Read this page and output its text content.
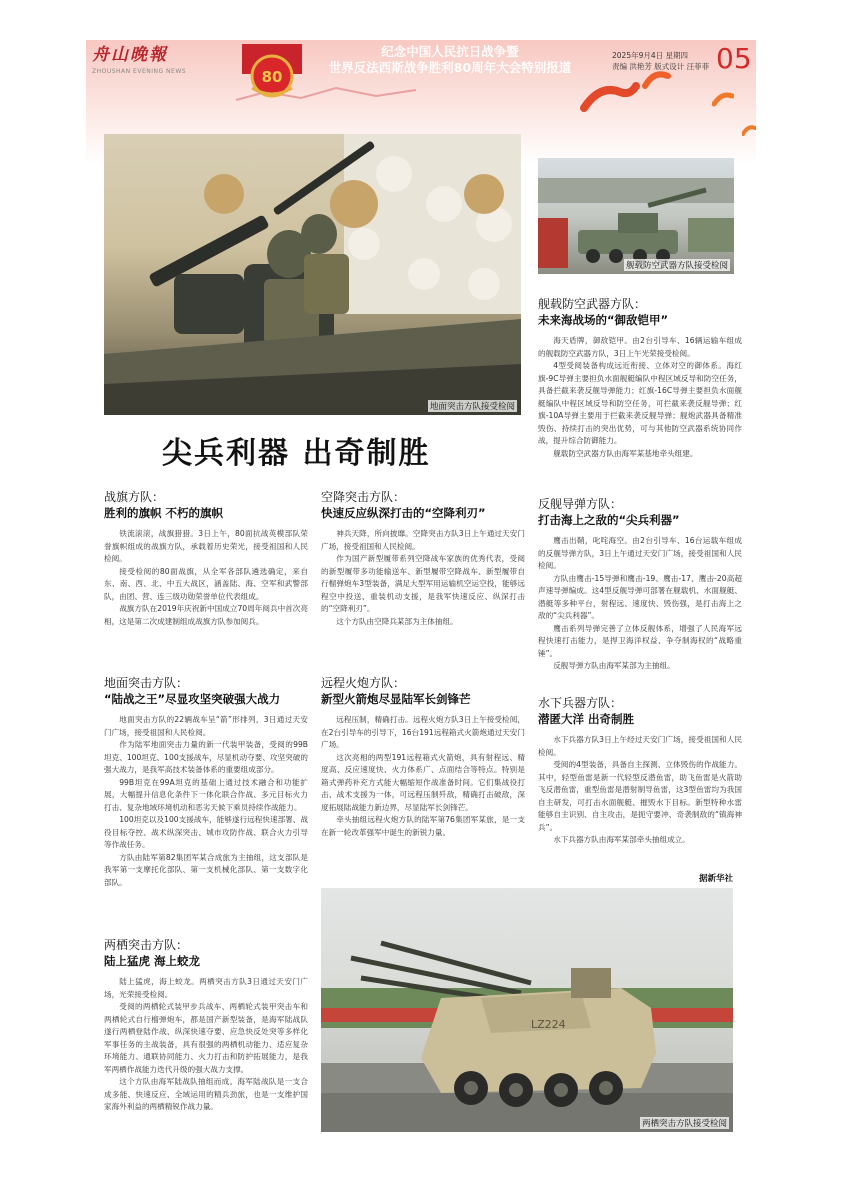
舟山晚報
ZHOUSHAN EVENING NEWS	80
纪念中国人民抗日战争暨
世界反法西斯战争胜利80周年大会特别报道
2025年9月4日 星期四
责编 洪艳芳 版式设计 汪菲菲 05
地面突击方队接受检阅
舰载防空武器方队接受检阅
尖兵利器 出奇制胜
战旗方队：
胜利的旗帜 不朽的旗帜

铁流滚滚，战旗猎猎。3日上午，80面抗战英模部队荣誉旗帜组成的战旗方队，承载着历史荣光，接受祖国和人民检阅。

接受检阅的80面战旗，从全军各部队遴选确定，来自东、南、西、北、中五大战区，涵盖陆、海、空军和武警部队，由团、营、连三级功勋荣誉单位代表组成。

战旗方队在2019年庆祝新中国成立70周年阅兵中首次亮相，这是第二次成建制组成战旗方队参加阅兵。

地面突击方队：
“陆战之王”尽显攻坚突破强大战力

地面突击方队的22辆战车呈“箭”形排列，3日通过天安门广场，接受祖国和人民检阅。

作为陆军地面突击力量的新一代装甲装备，受阅的99B坦克、100坦克、100支援战车，尽显机动夺要、攻坚突破的强大战力，是我军高技术装备体系的重要组成部分。

99B坦克在99A坦克的基础上通过技术融合和功能扩展，大幅提升信息化条件下一体化联合作战、多元目标火力打击、复杂地域环境机动和恶劣天候下乘员持续作战能力。

100坦克以及100支援战车，能够遂行远程快速部署、战役目标夺控、战术纵深突击、城市攻防作战、联合火力引导等作战任务。

方队由陆军第82集团军某合成旅为主抽组，这支部队是我军第一支摩托化部队、第一支机械化部队、第一支数字化部队。

两栖突击方队：
陆上猛虎 海上蛟龙

陆上猛虎，海上蛟龙。两栖突击方队3日通过天安门广场，光荣接受检阅。

受阅的两栖轮式装甲步兵战车、两栖轮式装甲突击车和两栖轮式自行榴弹炮车，都是国产新型装备，是海军陆战队遂行两栖登陆作战、纵深快速夺要、应急快反处突等多样化军事任务的主战装备，具有很强的两栖机动能力、适应复杂环境能力、通联协同能力、火力打击和防护拓展能力，是我军两栖作战能力迭代升级的强大战力支撑。

这个方队由海军陆战队抽组而成。海军陆战队是一支合成多能、快速反应、全域运用的精兵劲旅，也是一支维护国家海外利益的两栖精锐作战力量。

空降突击方队：
快速反应纵深打击的“空降利刃”

神兵天降，所向披靡。空降突击方队3日上午通过天安门广场，接受祖国和人民检阅。

作为国产新型履带系列空降战车家族的优秀代表，受阅的新型履带多功能输送车、新型履带空降战车、新型履带自行榴弹炮车3型装备，满足大型军用运输机空运空投，能够远程空中投送、重装机动支援，是我军快速反应、纵深打击的“空降利刃”。

这个方队由空降兵某部为主体抽组。

远程火炮方队：
新型火箭炮尽显陆军长剑锋芒

远程压制，精确打击。远程火炮方队3日上午接受检阅，在2台引导车的引导下，16台191远程箱式火箭炮通过天安门广场。

这次亮相的两型191远程箱式火箭炮，具有射程远、精度高、反应速度快、火力体系广、点面结合等特点。特别是箱式弹药补充方式能大幅缩短作战准备时间。它们集战役打击、战术支援为一体，可远程压制歼敌，精确打击破敌，深度拓展陆战能力新边界，尽显陆军长剑锋芒。

牵头抽组远程火炮方队的陆军第76集团军某旅，是一支在新一轮改革强军中诞生的新锐力量。

舰载防空武器方队：
未来海战场的“御敌铠甲”

海天盾牌，御敌铠甲。由2台引导车、16辆运输车组成的舰载防空武器方队，3日上午光荣接受检阅。

4型受阅装备构成远近衔接、立体对空的御体系。海红旗-9C导弹主要担负水面舰艇编队中程区域反导和防空任务，具备拦截来袭反舰导弹能力；红旗-16C导弹主要担负水面舰艇编队中程区域反导和防空任务，可拦截来袭反舰导弹；红旗-10A导弹主要用于拦截来袭反舰导弹；舰炮武器具备精准毁伤、持续打击的突出优势，可与其他防空武器系统协同作战，提升综合防御能力。

舰载防空武器方队由海军某基地牵头组建。

反舰导弹方队：
打击海上之敌的“尖兵利器”

鹰击出鞘，叱咤海空。由2台引导车、16台运载车组成的反舰导弹方队，3日上午通过天安门广场，接受祖国和人民检阅。

方队由鹰击-15导弹和鹰击-19、鹰击-17、鹰击-20高超声速导弹编成。这4型反舰导弹可部署在舰载机、水面舰艇、潜艇等多种平台，射程远、速度快、毁伤强，是打击海上之敌的“尖兵利器”。

鹰击系列导弹完善了立体反舰体系，增强了人民海军远程快速打击能力，是捍卫海洋权益、争夺制海权的“战略重锤”。

反舰导弹方队由海军某部为主抽组。

水下兵器方队：
潜匿大洋 出奇制胜

水下兵器方队3日上午经过天安门广场，接受祖国和人民检阅。

受阅的4型装备，具备自主探测、立体毁伤的作战能力。其中，轻型鱼雷是新一代轻型反潜鱼雷，助飞鱼雷是火箭助飞反潜鱼雷，重型鱼雷是潜射制导鱼雷，这3型鱼雷均为我国自主研发，可打击水面舰艇、摧毁水下目标。新型特种水雷能够自主识别、自主攻击，是扼守要冲、奇袭制敌的“镇海神兵”。

水下兵器方队由海军某部牵头抽组成立。

据新华社
LZ224
两栖突击方队接受检阅
